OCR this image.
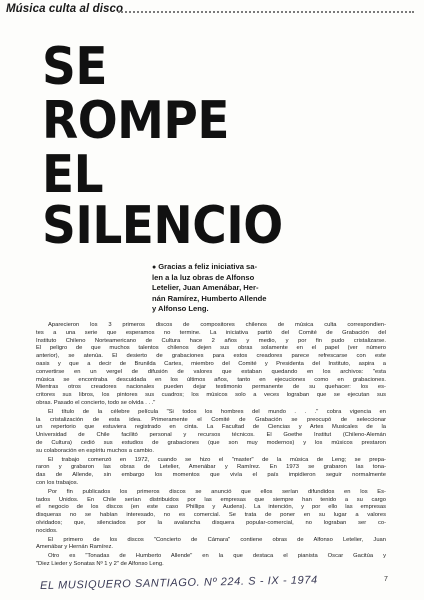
Música culta al disco
SE
ROMPE
EL
SILENCIO
● Gracias a feliz iniciativa sa-
len a la luz obras de Alfonso
Letelier, Juan Amenábar, Her-
nán Ramírez, Humberto Allende
y Alfonso Leng.

Aparecieron los 3 primeros discos de compositores chilenos de música culta correspondien-
tes a una serie que esperamos no termine. La iniciativa partió del Comité de Grabación del
Instituto Chileno Norteamericano de Cultura hace 2 años y medio, y por fin pudo cristalizarse.
El peligro de que muchos talentos chilenos dejen sus obras solamente en el papel (ver número
anterior), se atenúa. El desierto de grabaciones para estos creadores parece refrescarse con este
oasis y que a decir de Brunilda Cartes, miembro del Comité y Presidenta del Instituto, aspira a
convertirse en un vergel de difusión de valores que estaban quedando en los archivos: "esta
música se encontraba descuidada en los últimos años, tanto en ejecuciones como en grabaciones.
Mientras otros creadores nacionales pueden dejar testimonio permanente de su quehacer: los es-
critores sus libros, los pintores sus cuadros; los músicos solo a veces lograban que se ejecutan sus
obras. Pasado el concierto, todo se olvida . . ."

El título de la célebre película "Si todos los hombres del mundo . . ." cobra vigencia en
la cristalización de esta idea. Primeramente el Comité de Grabación se preocupó de seleccionar
un repertorio que estuviera registrado en cinta. La Facultad de Ciencias y Artes Musicales de la
Universidad de Chile facilitó personal y recursos técnicos. El Goethe Institut (Chileno-Alemán
de Cultura) cedió sus estudios de grabaciones (que son muy modernos) y los músicos prestaron
su colaboración en espíritu muchos a cambio.

El trabajo comenzó en 1972, cuando se hizo el "master" de la música de Leng; se prepa-
raron y grabaron las obras de Letelier, Amenábar y Ramírez. En 1973 se grabaron las tona-
das de Allende, sin embargo los momentos que vivía el país impidieron seguir normalmente
con los trabajos.

Por fin publicados los primeros discos se anunció que ellos serían difundidos en los Es-
tados Unidos. En Chile serían distribuidos por las empresas que siempre han tenido a su cargo
el negocio de los discos (en este caso Phillips y Audens). La intención, y por ello las empresas
disqueras no se habían interesado, no es comercial. Se trata de poner en su lugar a valores
olvidados; que, silenciados por la avalancha disquera popular-comercial, no lograban ser co-
nocidos.

El primero de los discos "Concierto de Cámara" contiene obras de Alfonso Letelier, Juan
Amenábar y Hernán Ramírez.

Otro es "Tonadas de Humberto Allende" en la que destaca el pianista Oscar Gacitúa y
"Diez Lieder y Sonatas Nº 1 y 2" de Alfonso Leng.

EL MUSIQUERO SANTIAGO. Nº 224. S - IX - 1974	7
